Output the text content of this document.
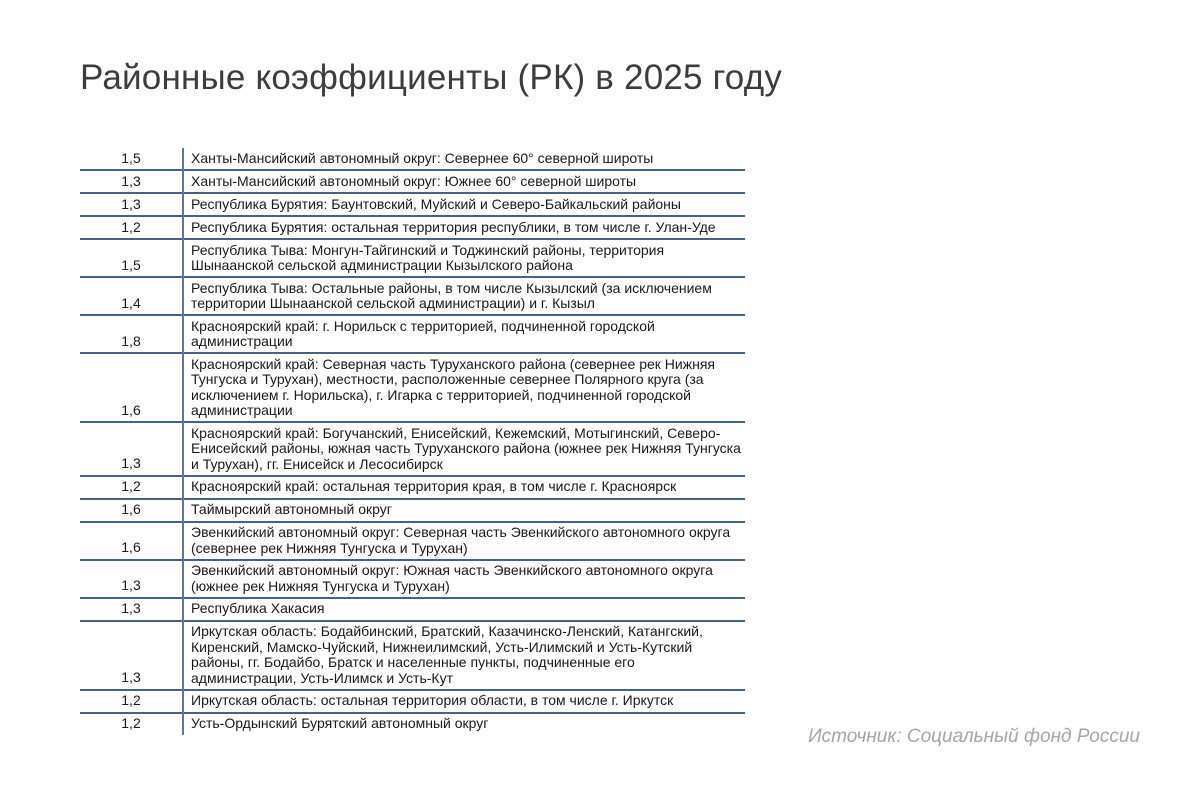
Районные коэффициенты (РК) в 2025 году
1,5	Ханты-Мансийский автономный округ: Севернее 60° северной широты
1,3	Ханты-Мансийский автономный округ: Южнее 60° северной широты
1,3	Республика Бурятия: Баунтовский, Муйский и Северо-Байкальский районы
1,2	Республика Бурятия: остальная территория республики, в том числе г. Улан-Уде
1,5	Республика Тыва: Монгун-Тайгинский и Тоджинский районы, территория Шынаанской сельской администрации Кызылского района
1,4	Республика Тыва: Остальные районы, в том числе Кызылский (за исключением территории Шынаанской сельской администрации) и г. Кызыл
1,8	Красноярский край: г. Норильск с территорией, подчиненной городской администрации
1,6	Красноярский край: Северная часть Туруханского района (севернее рек Нижняя Тунгуска и Турухан), местности, расположенные севернее Полярного круга (за исключением г. Норильска), г. Игарка с территорией, подчиненной городской администрации
1,3	Красноярский край: Богучанский, Енисейский, Кежемский, Мотыгинский, Северо-Енисейский районы, южная часть Туруханского района (южнее рек Нижняя Тунгуска и Турухан), гг. Енисейск и Лесосибирск
1,2	Красноярский край: остальная территория края, в том числе г. Красноярск
1,6	Таймырский автономный округ
1,6	Эвенкийский автономный округ: Северная часть Эвенкийского автономного округа (севернее рек Нижняя Тунгуска и Турухан)
1,3	Эвенкийский автономный округ: Южная часть Эвенкийского автономного округа (южнее рек Нижняя Тунгуска и Турухан)
1,3	Республика Хакасия
1,3	Иркутская область: Бодайбинский, Братский, Казачинско-Ленский, Катангский, Киренский, Мамско-Чуйский, Нижнеилимский, Усть-Илимский и Усть-Кутский районы, гг. Бодайбо, Братск и населенные пункты, подчиненные его администрации, Усть-Илимск и Усть-Кут
1,2	Иркутская область: остальная территория области, в том числе г. Иркутск
1,2	Усть-Ордынский Бурятский автономный округ
Источник: Социальный фонд России
